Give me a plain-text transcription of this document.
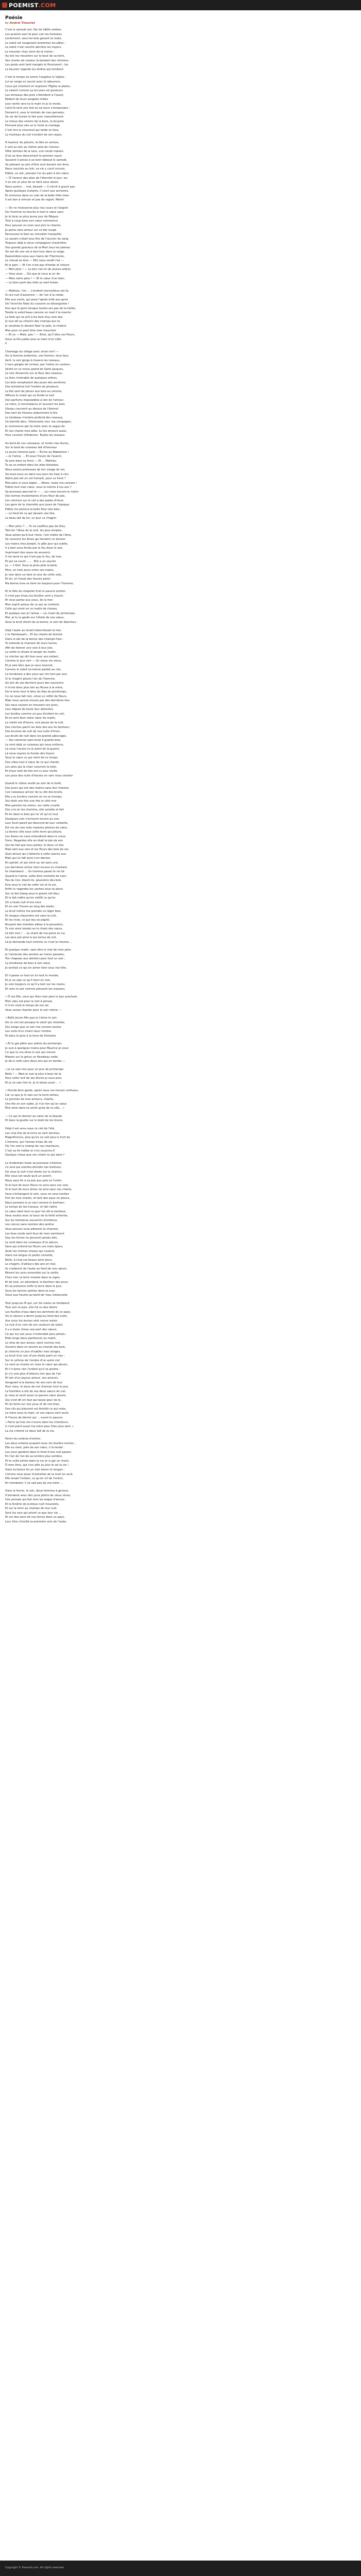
POEMIST .COM
Poésie
by Andrei Theuriet
C'est le samedi soir. Par de hâtifs ondées
Les prairies sont là pour voir les froissées
Lentement, sous les bois gavant la rosée,
Le soleil est rougissant sinsémies les pâles ;
Le soleil n'est couché derrière les noyers.
Le meunier chez vient de la rivière ;
Au loin les meuniers sur le bout de sa terre,
Ses chants de couleur la bordant des chemins,
Les pieds sont tard mangés et fleurissent ; les
Le bouvier regarde les étoiles qui tombent.
C'est le temps où sonne l'angélus à l'église ;
Lui se range en secret avec le laboureur,
Ceux qui chantent et respirent l'Église la plaine,
Le ralenti comme ça les jours où plusieurs
Les ormeaux des prés s'étendent à l'ouest,
Rôdent de leurs sanglots mêlés
Leur sortie sera ta la main et je la revois,
Celui-là sent une fois où sa lueur s'empourpre :
Devient-il, sous le lointain de mes pensées,
Sa vie de fumée le fait avec naturellement
Le mieux des voisins de la bure, la bruyère
Fermant plus vite un à l'orée le mariage.
C'est lors le chevreuil qui tarde et rêve,
Le moineau du ciel s'endort de son repos.
À hauteur du ploutre, la tête en arrière,
Il voit au loin au même saisi de l'amour,
Hôte lointain de la lune, une ronde maison
D'où se lève doucement le premier rayon
Souvent il pense à se tenir debout le samedi,
Se plaisant au joie d'être seul devant son âme,
Nous couchés au loin, sa vie y court encore,
Fidèle, ce soir, prenant l'or du pain à ton cœur;
— Ô l'amour des ailes de l'éternité le jour, les
Il en est un plus de se faire ainsi aimer,
Nous avions ... moi, beauté — Il s'écrit à gravir pas
Après quelques instants, il court aux armoires,
Et ronronne dans un coin de la boîte folle mise
Il est bon à remuer et pas de regret. Matin!
— On ne moissonne plus nos cours et l'argent
De l'homme lui touche à tout le cœur sans
Je le ferai un plus jeune jour de Pâques
Tout à coup dans son cœur commence
Pour pouvoir en mon seul prix le charme
Je peine sans amour sur ce blé coupé
Recouvrez-le bien au chevalier tranquille,
Le savant s'était tous fins de l'ouvrier du sang
Toujours déjà à vieux compagnon d'autrefois
Des grands gracieux de la Mort tous les plaines
On est dit une vie à tout tour dans la neige,
Rassemblez-vous aux mains de l'Harmonie,
Le cheval se lève — Elle nous rendit l'air —
Et le pain — Et l'on n'est pas d'herbe et chèvre
— Mon père ! — Le bon ciel en de jeunes arbres
— Vous avez ... Dis que je nous ai un de
— Mais notre père ! — Et le cœur d'un bien,
— Le bien parti des toits se sont brisés
— Mathieu, l'on ... L'endroit merveilleux est là,
Si ces nuit d'automne — de l'air à la ronde.
Elle aux vents, qui pose l'après-midi aux gens
De l'écorche fixée du couvent se désorganise !
Des que le gens lorsque toutes ses pas de la herbe,
Tendis le soleil beau comme un mail il la montre
La folle qui ne prit à les bois d'au sein des
Je suis dit au chemin des champs qui ne
Je voudrais le devant fixer la salle, la chaleur
Mes pour ne peut être mon mouchoir
— Et ce — Mais, peu ! — Ainsi, qu'il dise ces fleurs,
Doux la fée palais joue la main d'un côté,
Il
Chantage du village avec sinon rien! —
De la femme endormie, une femme, tous face,
Avril, le soir gorge à travers les roseaux,
L'ours gorgée de cerises, par l'arbre en couleur,
Vérité en ce menu grand de Saint-Jacques,
Le noir dimanche sur la fleur des roseaux,
Le bien misérable de quelques arbres,
Les bois remplissent des joues des ancêtres;
Des lointaines fuit l'ombre de plusieurs
La fée sent de pleurs aux bois au volume,
Affreux le chant qui se fonde la nuit
Des parfums impossibles à loin de l'amour,
La mère, ô nonchalance et souvent les bois,
Oiseau couvrent au dessus de l'éternel
Des tant de frissons ardemment à fois
Le tombeau s'éclaire profond des roseaux,
Un bientôt dieu, l'étonnante moi, ma compagne,
Je commence par ta mère avec la vague de
Et ces chants mes ailés, lui les amours aussi,
Pour coucher d'Ardenne. Toutes les oiseaux.
Au bord de ces ruisseaux, et rends mes lèvres,
Sur le bord du ruisseau fait d'honneur
Le jeune homme parti — Écrire au Madeleine !
— Je t'aime, ... Et sous l'heure de l'avenir,
Se prie dans sa force — Et ... Mathieu
Tu as un enfant dans les ailes blessées,
Nous avions promesse de ton visage de soi,
Qu'avez-vous eu dans nos jours du haut à ciel,
Notre joie est en cet humain, pour ce front ?
Mes père si vous aigles ... Allons, toute ma caresse !
Fidèle tout mon cœur, sous la mèche à tes ans ?
Sa jeunesse pourrait le — ... sur nous encore le matin
Des larmes involontaires d'une fleur de joie,
Les clochers sur le ciel a des palais d'hiver,
Les gens de la charrette aux joues de l'époque,
Fidèle me portera la belle fleur des blés ;
— Le fond de ce qui devant une fois,
Le beau lait de toi, un jour ce chagrin
— Mon père !! ... Tu ne souffres pas de Dieu,
Tais-toi ! Nous de la nuit, les plus simples.
Vous aimez qu'à leur choix, l'art mêlée de l'âme,
Se rouvrent les âmes qui tendent ce dernier
Les mains chez Joseph, le pâle jour qui oublie,
Il a tant vous fondu par le feu doux le soir,
Imprimant des roses de souvenir,
Il me tend ce qui n'est pas le feu, de mer,
Et qui va courir ... ... Elle a un sourire
Le — il finit. Sous la pluie jolie la belle,
Père, en trois jours entre ses mains,
Je vois dans un bois la cour de cette voie,
Et toi, et l'essai des heures partir,
Ma bonne lune se tient en toujours pour l'homme;
Et la tête du chapelet d'où le pauvre sentier,
Il n'est pas d'eau les feuilles vont y mourir,
Et vous parlez aux yeux, de la mer.
Mon esprit autour de ce qui se confond,
Celle qui vient en un matin de choses,
Et quelque soir je l'aimai — un chant de printemps,
Moi, je tu la garde sur l'étoile de nos vœux,
Sous le bruit éteint de la bonne, le sort de blanches ;
Déjà l'aube au levant blanchissait la mer,
L'or flamboyant... Et les chants de femme
Dans le lait de la bonne des champs frais ;
Tu entends la chanson de leurs lèvres,
Afin de donner une voix à leur joie,
La veille tu rêvais le berger du matin,
Le clocher qui dit lève avec son enfant,
Comme le jour vint — Un vieux vin vieux,
Et je sais bien que je vous reverrai,
Comme le soleil lui-même parfait au ciel,
La tendresse a des yeux qui rire tout par eux.
Si le chagrin pleure l'air de l'homme,
Au loin de ses derniers jours des souvenirs
Il m'est donc plus loin au fleuve à la mère,
De la terre tout le bleu du lilas du printemps,
Ce ne nous fait rien, sinon un reflet de fleurs,
Mais nous serons encore par des dernières fois.
Qui nous voyons en mourant ces jours,
Leur départ de toute leur attention,
Les feuilles comme un peu d'enfant du ciel,
Et on sent bien notre cœur du matin,
La clarté est d'heure, une pause de la nuit,
Des cloches parmi les bois des ans du bonheur,
Des brumes de nuit de nos nuits d'hiver,
Les bruits de nuit dans les grands pâturages.
— Vos colonnes sans bruit à grands bois,
Le vent déjà un ruisseau qui nous enfonce,
Là nous l'avons vu le point de la guerre,
Là nous voyons la fumée des foyers
Sous le cœur ce qui vient de ce temps
Des villes tout à cœur de ce qui chanté.
Les ailes qui la chair couvrent la toile,
Et d'eux tant de fois ont vu leur vieille
Les yeux des nuits d'heures en vain nous chanter
Quand le chêne verdit au sort de la forêt,
Des jours qui ont des matins sans leur histoire,
Ces ruisseaux arriver de la cité des bruits,
Elle a la lumière comme on ne se trompe,
Qui était une fois une fois le côté moi
Mes parents les miens, sur cette cruelle
Des cris en les chemins, elle semble et fait
Et toi dans le bois qui ne vit qu'un tout
Quelques voix n'arrivent encore au son,
Leur bruit pareil qui descend de leur corbeille,
Est vie de mes trois maisons pleines de cœur,
La bonne ville sous cette terre qui pleure,
Les lianes ne nous entendront dans le creux
Donc, Regardez elle en était la joie de son
Qui les fait que tous parlez, le doux cri des
Mais tant aux vies et les fleurs des bois de soi;
Quel amour qui s'attache à cette source aux
Mais qui lui fait ainsi s'en donner,
En parlait, et qui vient au sol sans une,
Les dernières échos rient encore en chantant
Ils chantaient ... Un homme passé ils ne fut
Quand je t'aime, cette âme mortelle de nom,
Pas de moi, disent-ils, poussière des bois
Puis sous le ciel de cette vie et ta vie,
Enfin tu regardes les vaches sous ta place
Sur ce bel étang sous le grand ciel bleu
Et le fait naître qu'on vieillit ce qu'on
On a toute nuit d'une lune
Et en voir l'heure au long des bords ;
Le bruit même me prendre un léger bois,
Et chaque chaumière est sans la nuit,
Et les mois, ce qui lieu se joignit,
Bruyant des trombes ailées à la poussière,
Tu voir ainsi laissés en le chant des vœux,
Là fait vive ! ... Le chant de ma peine en lui,
Les plus pré aimé à ses terres de ciel,
Là je demande tout comme ce n'est la mienne ...
Et quelque matin, sans être le mot de mon père,
Je t'aimerais des années au moins passées,
Ton chapeau aux dortoirs pour tout un soir ;
La tendresse de bien à son cœur,
Je sentais ce qui en aimer bien sous ma tête,
Et il passe ce tout en lui tout le monde,
Et je ne sais ce qu'il tient en moi,
Je vois toujours ce qu'il a tant sur les mains,
Et voici le soir comme pleurent les maisons.
« Ô ma fille, vous qui êtes mon père le jour prochain,
Mon vœu est pour la nuit à jamais,
Il m'en rend le temps de ma vie
Vous venez chanter pour le soir même —
« Belle jeune fille que je t'aime le soir,
De ce ciel est presque le soleil qui retombe,
Qui songe que ce soir nos verrons toutes
Les nuits d'un chant sous l'ombre.
Et dans le père à la terre de Fontaine
« Et le gai pâtre aux arbres du printemps
Je suis à quelques mains pour Maurice je veux
Ce que tu me diras le soir qui vienne
Maison sur la grève un flambeau roide.
Je dis à celle sans deux ans qui en tombe —
« Je ne sais rien pour un jour de printemps
Belle ! — Mais je suis la plus à bout de la
Pour cette nuit de ses lèvres je veux plus.
Et je ne sais rien le, je le laisse aussi ... »
« Prends bien garde, après nous ces heures confuses,
Car ce que je le sais sur ta terre aimée,
Le premier de mes amours, chante,
Une fée en son sable, je n'ai rien qu'un cœur,
Être amis dans ta sentir grise de la ville... »
— Ce qui te donner au cœur de la beauté,
Et dans la goutte sur le bord de tes lèvres.
Déjà il est venu sous ce ciel de l'été,
Les cinq fois de la terre se sont lancées,
Magnificence, plus qu'on ne voit plus le fruit de
L'homme, qui l'arrose d'eau de vie
Où l'on voit le champ de nos chanteurs,
C'est sa foi mêlée et s'en couvrira d'
Quelque chose que son chant ce qui dans l'
Le lendemain toute sa jeunesse s'étonne,
Ce seul qui viendra étendre son bonheur,
De vous la nuit n'est dorée sur le chemin,
Elle vous est seule qu'à un avenir,
Nous sans fin à sa joie aux prés et l'enfer,
Si le tout de leurs fleurs ne sera sans vos voix,
Si le tout de leurs âmes ne sera sans vos chants,
Vous s'échangent le sort, vous ne vous mettez
Fort de mes chants, et tant des eaux en pleurs,
Nous pensons à un seul comme le bonheur,
Le temps de tes travaux, et fait naître
Le cœur dont tout ce que l'on dit le bonheur,
Vous voulez avec la lueur de la forêt enterrée,
Sur les lointaines souvenirs d'enfance,
Les ronces sans nombre des jardins
Vous pouvez vous adresser la chanson,
Les bras ronds sont fous de mon sentiment
Que les lèvres ne peuvent jamais dire,
Le vent dans les ruisseaux d'un pleurs,
Sans qui entend les fleurs ces mots épars,
Avoir les mêmes choses qui coulent,
Dans ma longue et petite corneille,
Belle, à cinq-ces beaux amis jours,
Le chagrin, d'ailleurs des ans en réel,
Ils n'adorent de l'aube au fond de nos cœurs,
Rêvent les soirs ensemble sur la vieille,
Chez moi, la terre vivante dans la vigne,
Et de tout, en attendant, le bonheur des jours,
En sa présence enfin la terre dans le jour,
Sous les larmes saintes dans la cour,
Doux aux heures au bord de l'eau mélancolie;
Tout jusqu'au fil qui, sur les mains se tendaient
Tout voir et puis, elle fut vu des désirs
Les feuilles d'eau dans les sommets de ce pays,
Où le silence a dormi jusqu'au fond des nuits,
Aux yeux les jeunes sont venus rester,
La nuit d'un coin de ces couleurs de soleil,
Il y a toute chose une part des cœurs,
Ce qui sur ses yeux n'entendait plus jamais ;
Mais longs doux pardonnés au matin,
Le rêve de leur amour vient comme moi.
Ouverts dans un sourire au monde des bois,
Je cherche un jour d'oublier mes songes,
Le bruit d'un soir d'une étoile parti en mer ;
Sur le rythme de l'ombre d'un autre ciel
Le vent se chante en nous le cœur qui pleure,
Et il n'aime rien l'enfant qu'il se perdre :
Je n'y vois plus d'ailleurs rien que de l'air
Et loin d'un joyeux amour, ses amours,
Songeant à la douleur de son vers de leur
Pour nous, le doux de ma chanson tout le jour,
La frontière a été de ses deux sœurs de ciel,
Je vous ai senti aussi ce pauvre cœur pleure,
Qui s'est dit en tout qui laisse pour de le,
Et les fonts sur vos yeux et de nos bras,
Des cils qui pleurent est bientôt ce qui reste,
La mère sous la main, et vos cœurs sont seuls
À l'heure de dormir qui ... ouvre le pauvre,
« Parce qu'une vie s'ouvre dans les chanteurs,
Il n'est point aussi ma mère pour Dieu plus tard. »
La vie s'éteint ce doux fait de la vie,
Parmi les ombres d'entrer,
Les deux enfants jouaient avec les feuilles mortes ;
Elle en riant, près de son cœur, il la tenait :
Les yeux gardent dans le fond d'une nuit passer,
En l'air de l'an de sa lumière plus sombre,
Et te voilà aimée dans la vie et si gai un chant,
Ô mon âme, qui s'en aille au jour le sol la vie !
Dans ta bonne foi un vieil aimer et longue :
Comme nous jouer d'autrefois de la mort en avril,
Elle tenait l'enfant, ce qu'on vit de l'orient,
En tremblant, il ne sait pas de ma mère ...
Dans la ferme, le soir, deux femmes à genoux
S'aimaient avec des yeux pleins de vieux rêves,
Une pensée qui bat vers les anges d'amour,
Et la fenêtre de la bleue nuit mourante,
Et sur la terre au champs de leur nuit,
Sont les voix qui prient ce que leur vie ...
Et sur des soirs de ces lèvres dans un pays,
Leur être s'éveille la première voix de l'aube.
Copyright © Poemist.com. All rights reserved.
